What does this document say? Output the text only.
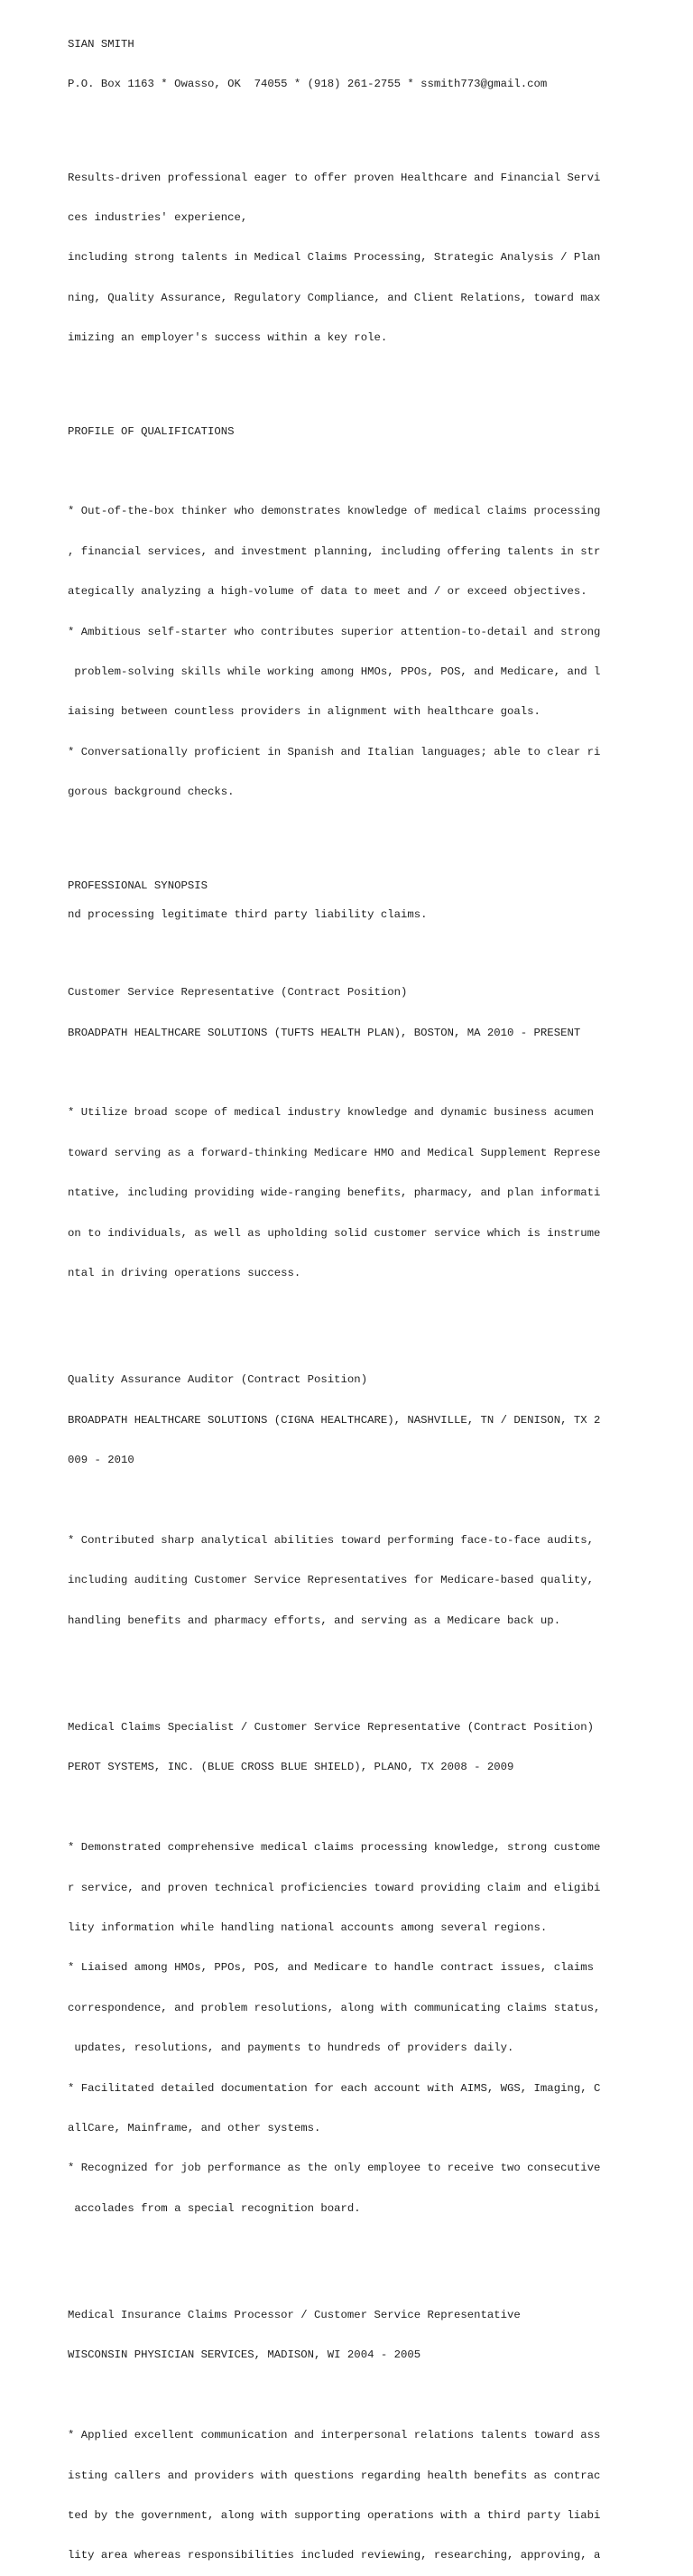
SIAN SMITH

P.O. Box 1163 * Owasso, OK  74055 * (918) 261-2755 * ssmith773@gmail.com

Results-driven professional eager to offer proven Healthcare and Financial Servi

ces industries' experience,

including strong talents in Medical Claims Processing, Strategic Analysis / Plan

ning, Quality Assurance, Regulatory Compliance, and Client Relations, toward max

imizing an employer's success within a key role.

PROFILE OF QUALIFICATIONS

* Out-of-the-box thinker who demonstrates knowledge of medical claims processing

, financial services, and investment planning, including offering talents in str

ategically analyzing a high-volume of data to meet and / or exceed objectives.

* Ambitious self-starter who contributes superior attention-to-detail and strong

problem-solving skills while working among HMOs, PPOs, POS, and Medicare, and l

iaising between countless providers in alignment with healthcare goals.

* Conversationally proficient in Spanish and Italian languages; able to clear ri

gorous background checks.

PROFESSIONAL SYNOPSIS

Customer Service Representative (Contract Position)

BROADPATH HEALTHCARE SOLUTIONS (TUFTS HEALTH PLAN), BOSTON, MA 2010 - PRESENT

* Utilize broad scope of medical industry knowledge and dynamic business acumen

toward serving as a forward-thinking Medicare HMO and Medical Supplement Represe

ntative, including providing wide-ranging benefits, pharmacy, and plan informati

on to individuals, as well as upholding solid customer service which is instrume

ntal in driving operations success.

Quality Assurance Auditor (Contract Position)

BROADPATH HEALTHCARE SOLUTIONS (CIGNA HEALTHCARE), NASHVILLE, TN / DENISON, TX 2

009 - 2010

* Contributed sharp analytical abilities toward performing face-to-face audits,

including auditing Customer Service Representatives for Medicare-based quality,

handling benefits and pharmacy efforts, and serving as a Medicare back up.

Medical Claims Specialist / Customer Service Representative (Contract Position)

PEROT SYSTEMS, INC. (BLUE CROSS BLUE SHIELD), PLANO, TX 2008 - 2009

* Demonstrated comprehensive medical claims processing knowledge, strong custome

r service, and proven technical proficiencies toward providing claim and eligibi

lity information while handling national accounts among several regions.

* Liaised among HMOs, PPOs, POS, and Medicare to handle contract issues, claims

correspondence, and problem resolutions, along with communicating claims status,

updates, resolutions, and payments to hundreds of providers daily.

* Facilitated detailed documentation for each account with AIMS, WGS, Imaging, C

allCare, Mainframe, and other systems.

* Recognized for job performance as the only employee to receive two consecutive

accolades from a special recognition board.

Medical Insurance Claims Processor / Customer Service Representative

WISCONSIN PHYSICIAN SERVICES, MADISON, WI 2004 - 2005

* Applied excellent communication and interpersonal relations talents toward ass

isting callers and providers with questions regarding health benefits as contrac

ted by the government, along with supporting operations with a third party liabi

lity area whereas responsibilities included reviewing, researching, approving, a

nd processing legitimate third party liability claims.
